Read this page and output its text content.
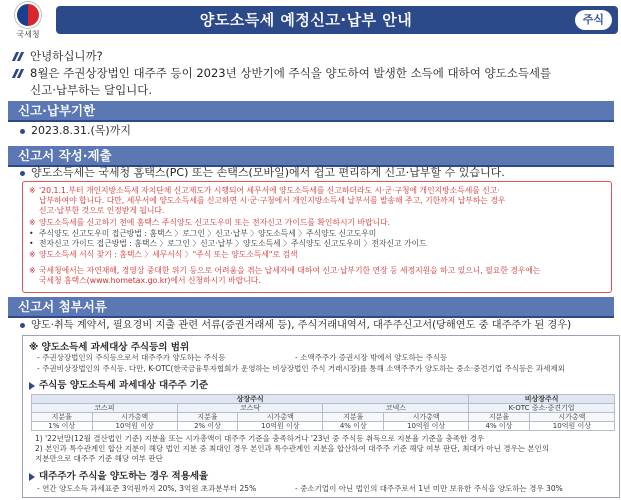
국세청
양도소득세 예정신고·납부 안내	주식
안녕하십니까?
8월은 주권상장법인 대주주 등이 2023년 상반기에 주식을 양도하여 발생한 소득에 대하여 양도소득세를
신고·납부하는 달입니다.
신고·납부기한
2023.8.31.(목)까지
신고서 작성·제출
양도소득세는 국세청 홈택스(PC) 또는 손택스(모바일)에서 쉽고 편리하게 신고·납부할 수 있습니다.
※ '20.1.1.부터 개인지방소득세 자치단체 신고제도가 시행되어 세무서에 양도소득세를 신고하더라도 시·군·구청에 개인지방소득세를 신고·
납부하여야 합니다. 다만, 세무서에 양도소득세를 신고하면 시·군·구청에서 개인지방소득세 납부서를 발송해 주고, 기한까지 납부하는 경우
신고·납부한 것으로 인정받게 됩니다.
※ 양도소득세를 신고하기 전에 홈택스 주식양도 신고도우미 또는 전자신고 가이드를 확인하시기 바랍니다.
• 주식양도 신고도우미 접근방법 : 홈택스 〉로그인 〉신고·납부 〉양도소득세 〉주식양도 신고도우미
• 전자신고 가이드 접근방법 : 홈택스 〉로그인 〉신고·납부 〉양도소득세 〉주식양도 신고도우미 〉전자신고 가이드
※ 양도소득세 서식 찾기 : 홈택스 〉세무서식 〉"주식 또는 양도소득세"로 검색
※ 국세청에서는 자연재해, 경영상 중대한 위기 등으로 어려움을 겪는 납세자에 대하여 신고·납부기한 연장 등 세정지원을 하고 있으니, 필요한 경우에는
국세청 홈택스(www.hometax.go.kr)에서 신청하시기 바랍니다.
신고서 첨부서류
양도·취득 계약서, 필요경비 지출 관련 서류(증권거래세 등), 주식거래내역서, 대주주신고서(당해연도 중 대주주가 된 경우)
※ 양도소득세 과세대상 주식등의 범위
- 주권상장법인의 주식등으로서 대주주가 양도하는 주식등	- 소액주주가 증권시장 밖에서 양도하는 주식등
- 주권비상장법인의 주식등. 다만, K-OTC(한국금융투자협회가 운영하는 비상장법인 주식 거래시장)를 통해 소액주주가 양도하는 중소·중견기업 주식등은 과세제외
주식등 양도소득세 과세대상 대주주 기준
상장주식						비상장주식	
코스피		코스닥		코넥스		K-OTC 중소·중견기업	
지분율	시가총액	지분율	시가총액	지분율	시가총액	지분율	시가총액
1% 이상	10억원 이상	2% 이상	10억원 이상	4% 이상	10억원 이상	4% 이상	10억원 이상
1) '22년말(12월 결산법인 기준) 지분율 또는 시가총액이 대주주 기준을 충족하거나 '23년 중 주식등 취득으로 지분율 기준을 충족한 경우
2) 본인과 특수관계인 합산 지분이 해당 법인 지분 중 최대인 경우 본인과 특수관계인 지분을 합산하여 대주주 기준 해당 여부 판단, 최대가 아닌 경우는 본인의
지분만으로 대주주 기준 해당 여부 판단
대주주가 주식을 양도하는 경우 적용세율
- 연간 양도소득 과세표준 3억원까지 20%, 3억원 초과분부터 25%	- 중소기업이 아닌 법인의 대주주로서 1년 미만 보유한 주식을 양도하는 경우 30%
